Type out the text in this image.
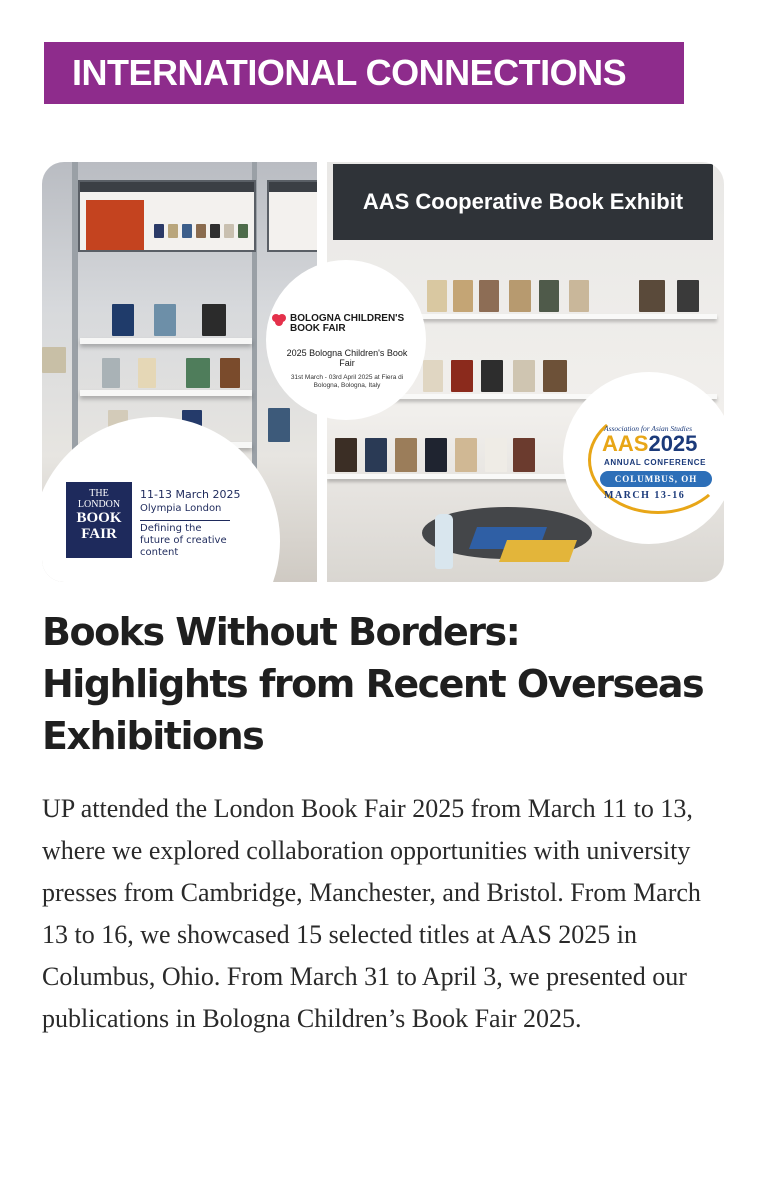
INTERNATIONAL CONNECTIONS
AAS Cooperative Book Exhibit
THE
LONDON
BOOK
FAIR
11-13 March 2025
Olympia London
Defining the future of creative content
BOLOGNA CHILDREN'S BOOK FAIR
2025 Bologna Children's Book Fair
31st March - 03rd April 2025 at Fiera di Bologna, Bologna, Italy
Association for Asian Studies
AAS2025
ANNUAL CONFERENCE
COLUMBUS, OH
MARCH 13-16
Books Without Borders: Highlights from Recent Overseas Exhibitions

UP attended the London Book Fair 2025 from March 11 to 13, where we explored collaboration opportunities with university presses from Cambridge, Manchester, and Bristol. From March 13 to 16, we showcased 15 selected titles at AAS 2025 in Columbus, Ohio. From March 31 to April 3, we presented our publications in Bologna Children’s Book Fair 2025.
